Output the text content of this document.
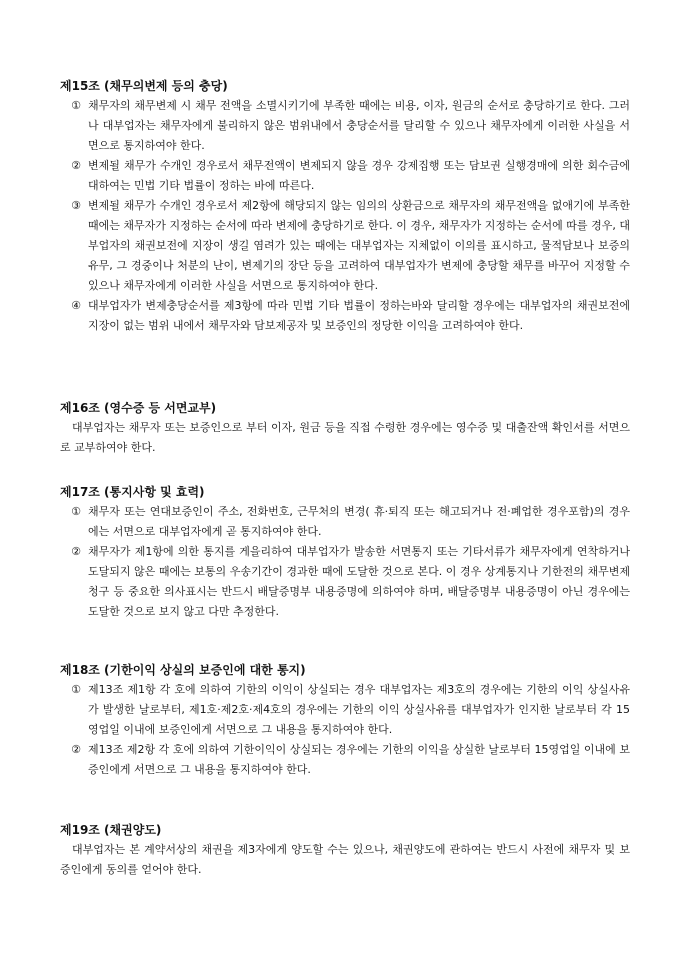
제15조 (채무의변제 등의 충당)
① 채무자의 채무변제 시 채무 전액을 소멸시키기에 부족한 때에는 비용, 이자, 원금의 순서로 충당하기로 한다. 그러나 대부업자는 채무자에게 불리하지 않은 범위내에서 충당순서를 달리할 수 있으나 채무자에게 이러한 사실을 서면으로 통지하여야 한다.
② 변제될 채무가 수개인 경우로서 채무전액이 변제되지 않을 경우 강제집행 또는 담보권 실행경매에 의한 회수금에 대하여는 민법 기타 법률이 정하는 바에 따른다.
③ 변제될 채무가 수개인 경우로서 제2항에 해당되지 않는 임의의 상환금으로 채무자의 채무전액을 없애기에 부족한 때에는 채무자가 지정하는 순서에 따라 변제에 충당하기로 한다. 이 경우, 채무자가 지정하는 순서에 따를 경우, 대부업자의 채권보전에 지장이 생길 염려가 있는 때에는 대부업자는 지체없이 이의를 표시하고, 물적담보나 보증의 유무, 그 경중이나 처분의 난이, 변제기의 장단 등을 고려하여 대부업자가 변제에 충당할 채무를 바꾸어 지정할 수 있으나 채무자에게 이러한 사실을 서면으로 통지하여야 한다.
④ 대부업자가 변제충당순서를 제3항에 따라 민법 기타 법률이 정하는바와 달리할 경우에는 대부업자의 채권보전에 지장이 없는 범위 내에서 채무자와 담보제공자 및 보증인의 정당한 이익을 고려하여야 한다.
제16조 (영수증 등 서면교부)
대부업자는 채무자 또는 보증인으로 부터 이자, 원금 등을 직접 수령한 경우에는 영수증 및 대출잔액 확인서를 서면으로 교부하여야 한다.
제17조 (통지사항 및 효력)
① 채무자 또는 연대보증인이 주소, 전화번호, 근무처의 변경( 휴·퇴직 또는 해고되거나 전·폐업한 경우포함)의 경우에는 서면으로 대부업자에게 곧 통지하여야 한다.
② 채무자가 제1항에 의한 통지를 게을리하여 대부업자가 발송한 서면통지 또는 기타서류가 채무자에게 연착하거나 도달되지 않은 때에는 보통의 우송기간이 경과한 때에 도달한 것으로 본다. 이 경우 상계통지나 기한전의 채무변제 청구 등 중요한 의사표시는 반드시 배달증명부 내용증명에 의하여야 하며, 배달증명부 내용증명이 아닌 경우에는 도달한 것으로 보지 않고 다만 추정한다.
제18조 (기한이익 상실의 보증인에 대한 통지)
① 제13조 제1항 각 호에 의하여 기한의 이익이 상실되는 경우 대부업자는 제3호의 경우에는 기한의 이익 상실사유가 발생한 날로부터, 제1호·제2호·제4호의 경우에는 기한의 이익 상실사유를 대부업자가 인지한 날로부터 각 15영업일 이내에 보증인에게 서면으로 그 내용을 통지하여야 한다.
② 제13조 제2항 각 호에 의하여 기한이익이 상실되는 경우에는 기한의 이익을 상실한 날로부터 15영업일 이내에 보증인에게 서면으로 그 내용을 통지하여야 한다.
제19조 (채권양도)
대부업자는 본 계약서상의 채권을 제3자에게 양도할 수는 있으나, 채권양도에 관하여는 반드시 사전에 채무자 및 보증인에게 동의를 얻어야 한다.
